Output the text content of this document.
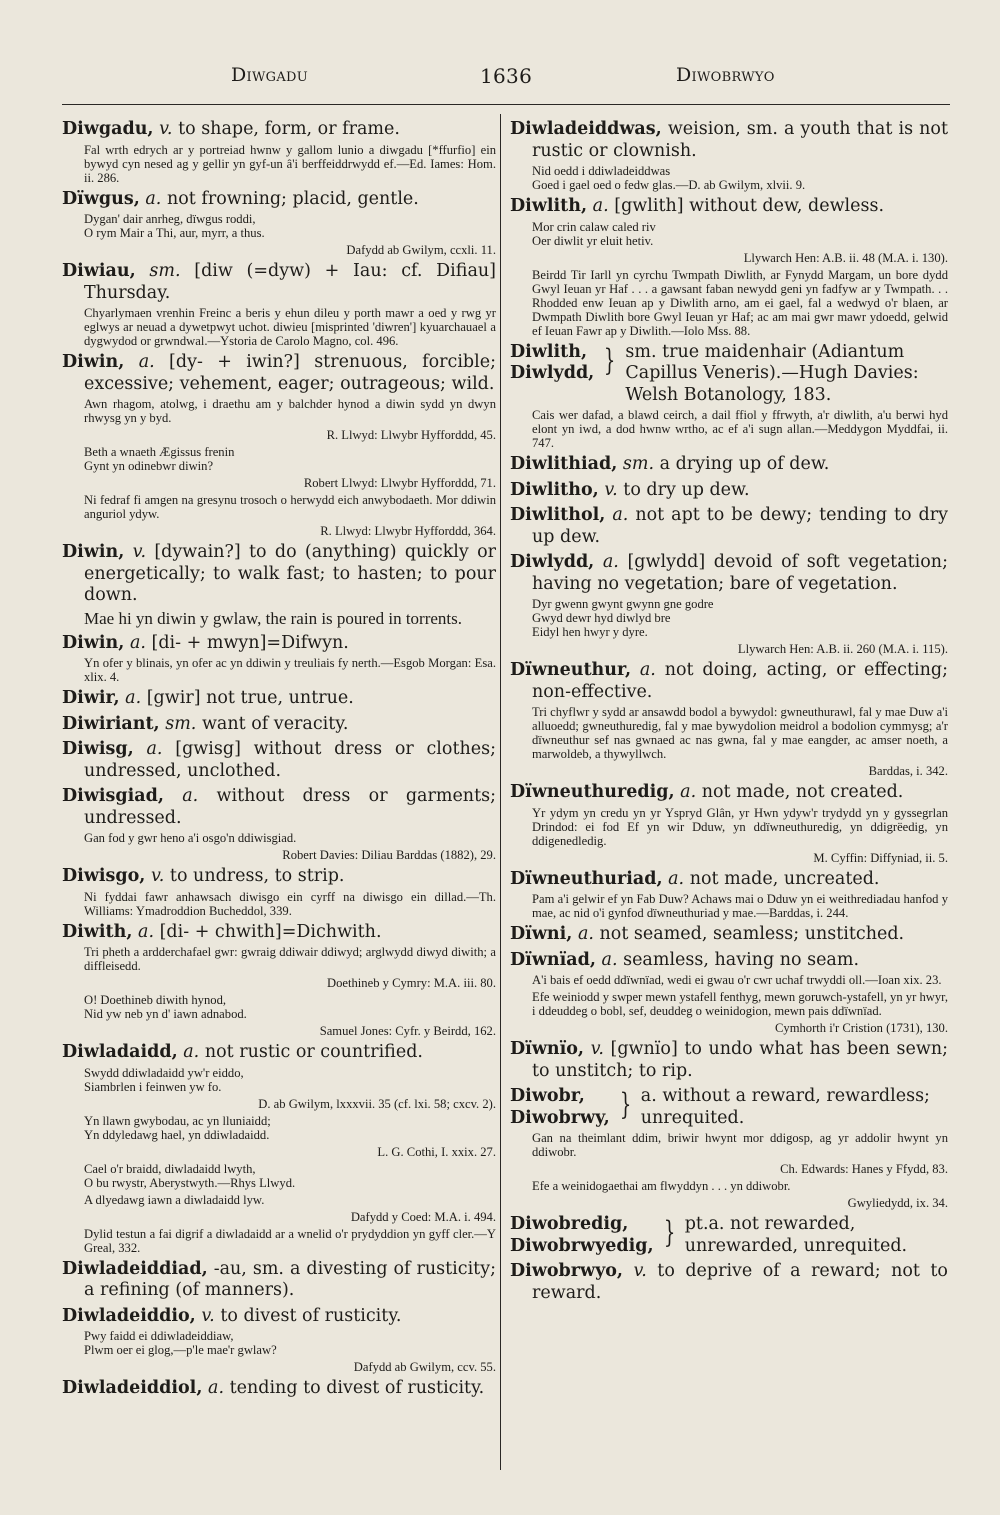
Diwgadu	1636	Diwobrwyo

Diwgadu, v. to shape, form, or frame.

Fal wrth edrych ar y portreiad hwnw y gallom lunio a diwgadu [*ffurfio] ein bywyd cyn nesed ag y gellir yn gyf-un â'i berffeiddrwydd ef.—Ed. Iames: Hom. ii. 286.

Dïwgus, a. not frowning; placid, gentle.

Dygan' dair anrheg, dïwgus roddi,
O rym Mair a Thi, aur, myrr, a thus.
Dafydd ab Gwilym, ccxli. 11.

Diwiau, sm. [diw (=dyw) + Iau: cf. Difiau] Thursday.

Chyarlymaen vrenhin Freinc a beris y ehun dileu y porth mawr a oed y rwg yr eglwys ar neuad a dywetpwyt uchot. diwieu [misprinted 'diwren'] kyuarchauael a dygwydod or grwndwal.—Ystoria de Carolo Magno, col. 496.

Diwin, a. [dy- + iwin?] strenuous, forcible; excessive; vehement, eager; outrageous; wild.

Awn rhagom, atolwg, i draethu am y balchder hynod a diwin sydd yn dwyn rhwysg yn y byd.
R. Llwyd: Llwybr Hyfforddd, 45.
Beth a wnaeth Ægissus frenin
Gynt yn odinebwr diwin?
Robert Llwyd: Llwybr Hyfforddd, 71.
Ni fedraf fi amgen na gresynu trosoch o herwydd eich anwybodaeth. Mor ddiwin anguriol ydyw.
R. Llwyd: Llwybr Hyfforddd, 364.

Diwin, v. [dywain?] to do (anything) quickly or energetically; to walk fast; to hasten; to pour down.

Mae hi yn diwin y gwlaw, the rain is poured in torrents.

Diwin, a. [di- + mwyn]=Difwyn.

Yn ofer y blinais, yn ofer ac yn ddiwin y treuliais fy nerth.—Esgob Morgan: Esa. xlix. 4.

Diwir, a. [gwir] not true, untrue.

Diwiriant, sm. want of veracity.

Diwisg, a. [gwisg] without dress or clothes; undressed, unclothed.

Diwisgiad, a. without dress or garments; undressed.

Gan fod y gwr heno a'i osgo'n ddiwisgiad.
Robert Davies: Diliau Barddas (1882), 29.

Diwisgo, v. to undress, to strip.

Ni fyddai fawr anhawsach diwisgo ein cyrff na diwisgo ein dillad.—Th. Williams: Ymadroddion Bucheddol, 339.

Diwith, a. [di- + chwith]=Dichwith.

Tri pheth a ardderchafael gwr: gwraig ddiwair ddiwyd; arglwydd diwyd diwith; a diffleisedd.
Doethineb y Cymry: M.A. iii. 80.
O! Doethineb diwith hynod,
Nid yw neb yn d' iawn adnabod.
Samuel Jones: Cyfr. y Beirdd, 162.

Diwladaidd, a. not rustic or countrified.

Swydd ddiwladaidd yw'r eiddo,
Siambrlen i feinwen yw fo.
D. ab Gwilym, lxxxvii. 35 (cf. lxi. 58; cxcv. 2).
Yn llawn gwybodau, ac yn lluniaidd;
Yn ddyledawg hael, yn ddiwladaidd.
L. G. Cothi, I. xxix. 27.
Cael o'r braidd, diwladaidd lwyth,
O bu rwystr, Aberystwyth.—Rhys Llwyd.
A dlyedawg iawn a diwladaidd lyw.
Dafydd y Coed: M.A. i. 494.
Dylid testun a fai digrif a diwladaidd ar a wnelid o'r prydyddion yn gyff cler.—Y Greal, 332.

Diwladeiddiad, -au, sm. a divesting of rusticity; a refining (of manners).

Diwladeiddio, v. to divest of rusticity.

Pwy faidd ei ddiwladeiddiaw,
Plwm oer ei glog,—p'le mae'r gwlaw?
Dafydd ab Gwilym, ccv. 55.

Diwladeiddiol, a. tending to divest of rusticity.

Diwladeiddwas, weision, sm. a youth that is not rustic or clownish.

Nid oedd i ddiwladeiddwas
Goed i gael oed o fedw glas.—D. ab Gwilym, xlvii. 9.

Diwlith, a. [gwlith] without dew, dewless.

Mor crin calaw caled riv
Oer diwlit yr eluit hetiv.
Llywarch Hen: A.B. ii. 48 (M.A. i. 130).
Beirdd Tir Iarll yn cyrchu Twmpath Diwlith, ar Fynydd Margam, un bore dydd Gwyl Ieuan yr Haf . . . a gawsant faban newydd geni yn fadfyw ar y Twmpath. . . Rhodded enw Ieuan ap y Diwlith arno, am ei gael, fal a wedwyd o'r blaen, ar Dwmpath Diwlith bore Gwyl Ieuan yr Haf; ac am mai gwr mawr ydoedd, gelwid ef Ieuan Fawr ap y Diwlith.—Iolo Mss. 88.
Diwlith,
Diwlydd, } sm. true maidenhair (Adiantum Capillus Veneris).—Hugh Davies: Welsh Botanology, 183.
Cais wer dafad, a blawd ceirch, a dail ffiol y ffrwyth, a'r diwlith, a'u berwi hyd elont yn iwd, a dod hwnw wrtho, ac ef a'i sugn allan.—Meddygon Myddfai, ii. 747.

Diwlithiad, sm. a drying up of dew.

Diwlitho, v. to dry up dew.

Diwlithol, a. not apt to be dewy; tending to dry up dew.

Diwlydd, a. [gwlydd] devoid of soft vegetation; having no vegetation; bare of vegetation.

Dyr gwenn gwynt gwynn gne godre
Gwyd dewr hyd diwlyd bre
Eidyl hen hwyr y dyre.
Llywarch Hen: A.B. ii. 260 (M.A. i. 115).

Dïwneuthur, a. not doing, acting, or effecting; non-effective.

Tri chyflwr y sydd ar ansawdd bodol a bywydol: gwneuthurawl, fal y mae Duw a'i alluoedd; gwneuthuredig, fal y mae bywydolion meidrol a bodolion cymmysg; a'r dïwneuthur sef nas gwnaed ac nas gwna, fal y mae eangder, ac amser noeth, a marwoldeb, a thywyllwch.
Barddas, i. 342.

Dïwneuthuredig, a. not made, not created.

Yr ydym yn credu yn yr Yspryd Glân, yr Hwn ydyw'r trydydd yn y gyssegrlan Drindod: ei fod Ef yn wir Dduw, yn ddïwneuthuredig, yn ddigrëedig, yn ddigenedledig.
M. Cyffin: Diffyniad, ii. 5.

Dïwneuthuriad, a. not made, uncreated.

Pam a'i gelwir ef yn Fab Duw? Achaws mai o Dduw yn ei weithrediadau hanfod y mae, ac nid o'i gynfod dïwneuthuriad y mae.—Barddas, i. 244.

Dïwni, a. not seamed, seamless; unstitched.

Dïwnïad, a. seamless, having no seam.

A'i bais ef oedd ddïwnïad, wedi ei gwau o'r cwr uchaf trwyddi oll.—Ioan xix. 23.
Efe weiniodd y swper mewn ystafell fenthyg, mewn goruwch-ystafell, yn yr hwyr, i ddeuddeg o bobl, sef, deuddeg o weinidogion, mewn pais ddïwnïad.
Cymhorth i'r Cristion (1731), 130.

Dïwnïo, v. [gwnïo] to undo what has been sewn; to unstitch; to rip.

Diwobr,
Diwobrwy, } a. without a reward, rewardless; unrequited.
Gan na theimlant ddim, briwir hwynt mor ddigosp, ag yr addolir hwynt yn ddiwobr.
Ch. Edwards: Hanes y Ffydd, 83.
Efe a weinidogaethai am flwyddyn . . . yn ddiwobr.
Gwyliedydd, ix. 34.
Diwobredig,
Diwobrwyedig, } pt.a. not rewarded, unrewarded, unrequited.

Diwobrwyo, v. to deprive of a reward; not to reward.
